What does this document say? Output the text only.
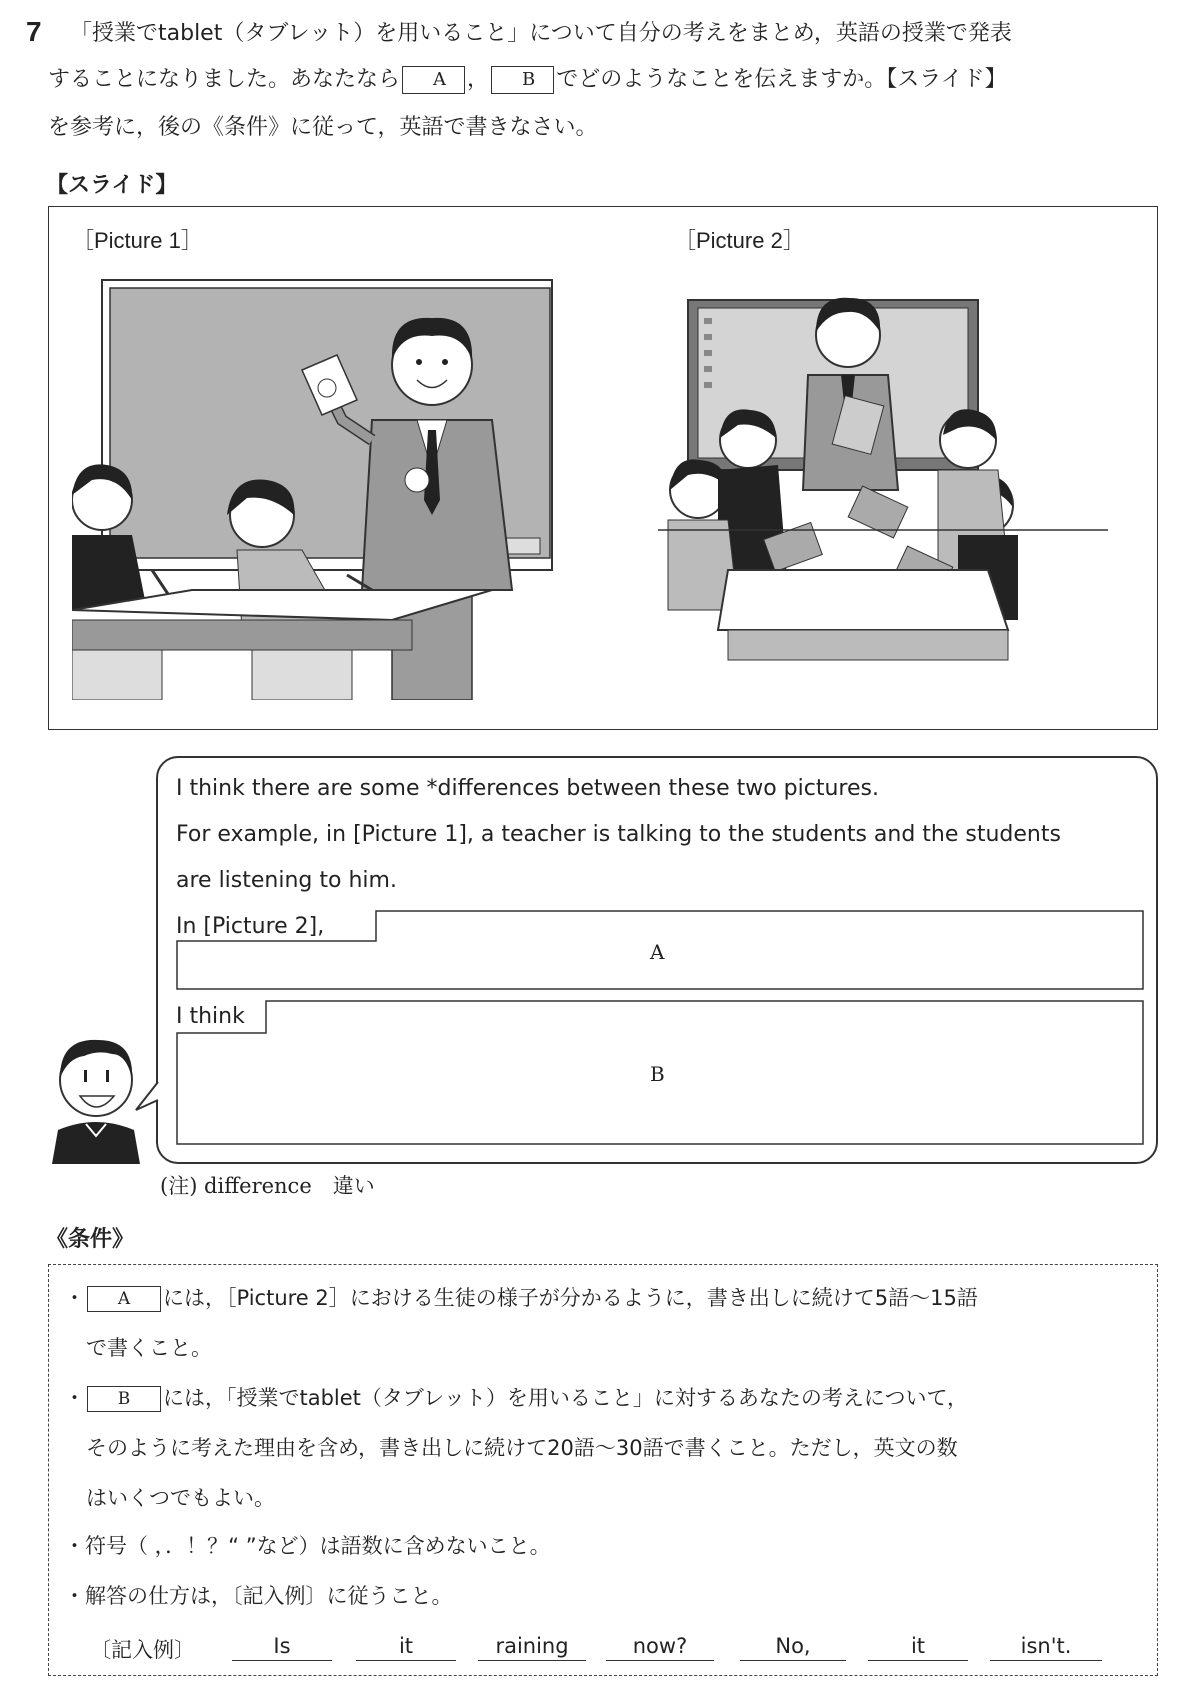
7 「授業でtablet（タブレット）を用いること」について自分の考えをまとめ，英語の授業で発表
することになりました。あなたなら A ， B でどのようなことを伝えますか。【スライド】
を参考に，後の《条件》に従って，英語で書きなさい。
【スライド】
［Picture 1］	［Picture 2］
I think there are some *differences between these two pictures.
For example, in [Picture 1], a teacher is talking to the students and the students
are listening to him.
In [Picture 2],
A
I think
B
(注) difference　違い
《条件》
・ A には，［Picture 2］における生徒の様子が分かるように，書き出しに続けて5語～15語
で書くこと。
・ B には，「授業でtablet（タブレット）を用いること」に対するあなたの考えについて，
そのように考えた理由を含め，書き出しに続けて20語～30語で書くこと。ただし，英文の数
はいくつでもよい。
・符号（ ，．！？“ ”など）は語数に含めないこと。
・解答の仕方は，〔記入例〕に従うこと。
〔記入例〕	Is	it	raining	now?	No,	it	isn't.
